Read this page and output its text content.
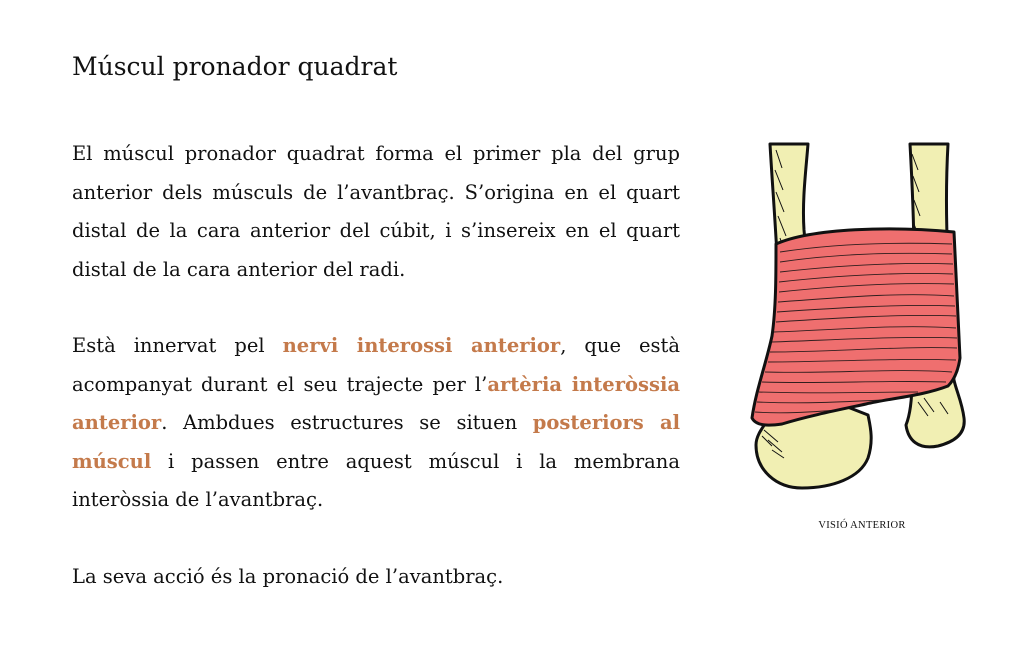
Múscul pronador quadrat

El múscul pronador quadrat forma el primer pla del grup anterior dels músculs de l’avantbraç. S’origina en el quart distal de la cara anterior del cúbit, i s’insereix en el quart distal de la cara anterior del radi.

Està innervat pel nervi interossi anterior, que està acompanyat durant el seu trajecte per l’artèria interòssia anterior. Ambdues estructures se situen posteriors al múscul i passen entre aquest múscul i la membrana interòssia de l’avantbraç.

La seva acció és la pronació de l’avantbraç.

VISIÓ ANTERIOR
